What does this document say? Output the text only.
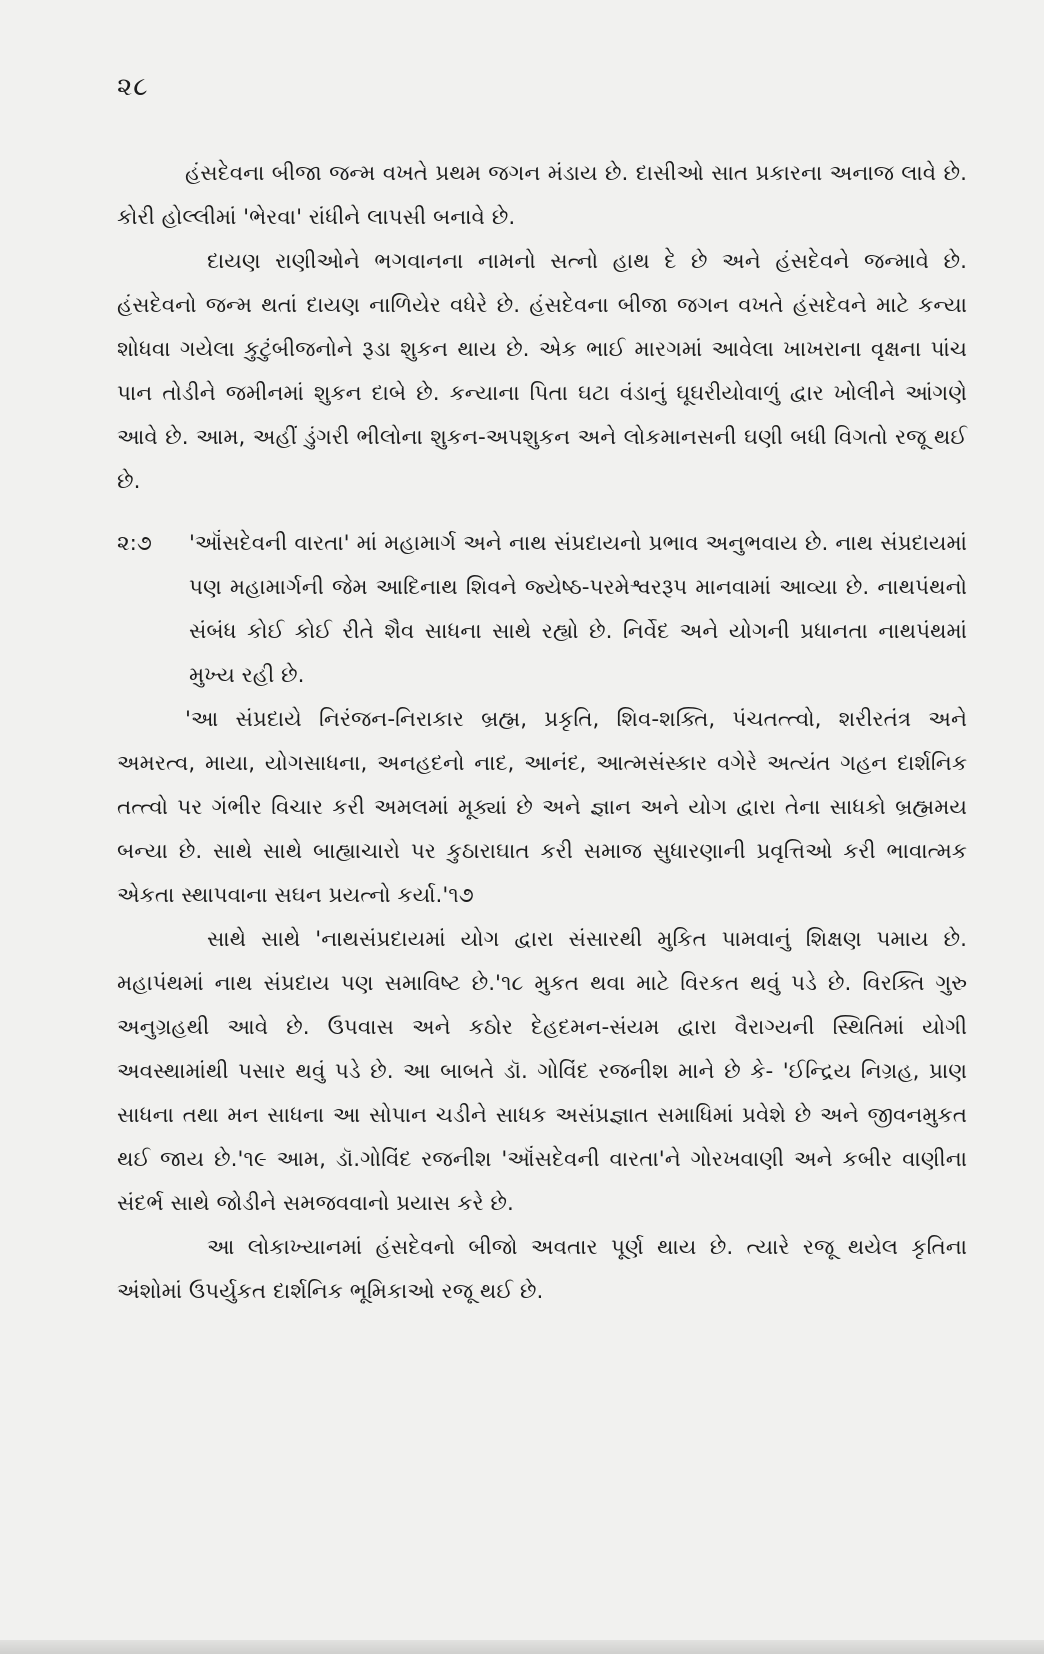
૨૮

હંસદેવના બીજા જન્મ વખતે પ્રથમ જગન મંડાય છે. દાસીઓ સાત પ્રકારના અનાજ લાવે છે. કોરી હોલ્લીમાં 'ભેરવા' રાંધીને લાપસી બનાવે છે.

દાયણ રાણીઓને ભગવાનના નામનો સત્નો હાથ દે છે અને હંસદેવને જન્માવે છે. હંસદેવનો જન્મ થતાં દાયણ નાળિયેર વધેરે છે. હંસદેવના બીજા જગન વખતે હંસદેવને માટે કન્યા શોધવા ગયેલા કુટુંબીજનોને રૂડા શુકન થાય છે. એક ભાઈ મારગમાં આવેલા ખાખરાના વૃક્ષના પાંચ પાન તોડીને જમીનમાં શુકન દાબે છે. કન્યાના પિતા ઘટા વંડાનું ઘૂઘરીયોવાળું દ્વાર ખોલીને આંગણે આવે છે. આમ, અહીં ડુંગરી ભીલોના શુકન-અપશુકન અને લોકમાનસની ઘણી બધી વિગતો રજૂ થઈ છે.

૨:૭	'ઑંસદેવની વારતા' માં મહામાર્ગ અને નાથ સંપ્રદાયનો પ્રભાવ અનુભવાય છે. નાથ સંપ્રદાયમાં પણ મહામાર્ગની જેમ આદિનાથ શિવને જ્યેષ્ઠ-પરમેશ્વરરૂપ માનવામાં આવ્યા છે. નાથપંથનો સંબંધ કોઈ કોઈ રીતે શૈવ સાધના સાથે રહ્યો છે. નિર્વેદ અને યોગની પ્રધાનતા નાથપંથમાં મુખ્ય રહી છે.

'આ સંપ્રદાયે નિરંજન-નિરાકાર બ્રહ્મ, પ્રકૃતિ, શિવ-શક્તિ, પંચતત્ત્વો, શરીરતંત્ર અને અમરત્વ, માયા, યોગસાધના, અનહદનો નાદ, આનંદ, આત્મસંસ્કાર વગેરે અત્યંત ગહન દાર્શનિક તત્ત્વો પર ગંભીર વિચાર કરી અમલમાં મૂક્યાં છે અને જ્ઞાન અને યોગ દ્વારા તેના સાધકો બ્રહ્મમય બન્યા છે. સાથે સાથે બાહ્યાચારો પર કુઠારાઘાત કરી સમાજ સુધારણાની પ્રવૃત્તિઓ કરી ભાવાત્મક એકતા સ્થાપવાના સઘન પ્રયત્નો કર્યા.'૧૭

સાથે સાથે 'નાથસંપ્રદાયમાં યોગ દ્વારા સંસારથી મુકિત પામવાનું શિક્ષણ પમાય છે. મહાપંથમાં નાથ સંપ્રદાય પણ સમાવિષ્ટ છે.'૧૮ મુકત થવા માટે વિરકત થવું પડે છે. વિરક્તિ ગુરુ અનુગ્રહથી આવે છે. ઉપવાસ અને કઠોર દેહદમન-સંયમ દ્વારા વૈરાગ્યની સ્થિતિમાં યોગી અવસ્થામાંથી પસાર થવું પડે છે. આ બાબતે ડૉ. ગોવિંદ રજનીશ માને છે કે- 'ઈન્દ્રિય નિગ્રહ, પ્રાણ સાધના તથા મન સાધના આ સોપાન ચડીને સાધક અસંપ્રજ્ઞાત સમાધિમાં પ્રવેશે છે અને જીવનમુકત થઈ જાય છે.'૧૯ આમ, ડૉ.ગોવિંદ રજનીશ 'ઑંસદેવની વારતા'ને ગોરખવાણી અને કબીર વાણીના સંદર્ભ સાથે જોડીને સમજવવાનો પ્રયાસ કરે છે.

આ લોકાખ્યાનમાં હંસદેવનો બીજો અવતાર પૂર્ણ થાય છે. ત્યારે રજૂ થયેલ કૃતિના અંશોમાં ઉપર્યુકત દાર્શનિક ભૂમિકાઓ રજૂ થઈ છે.
